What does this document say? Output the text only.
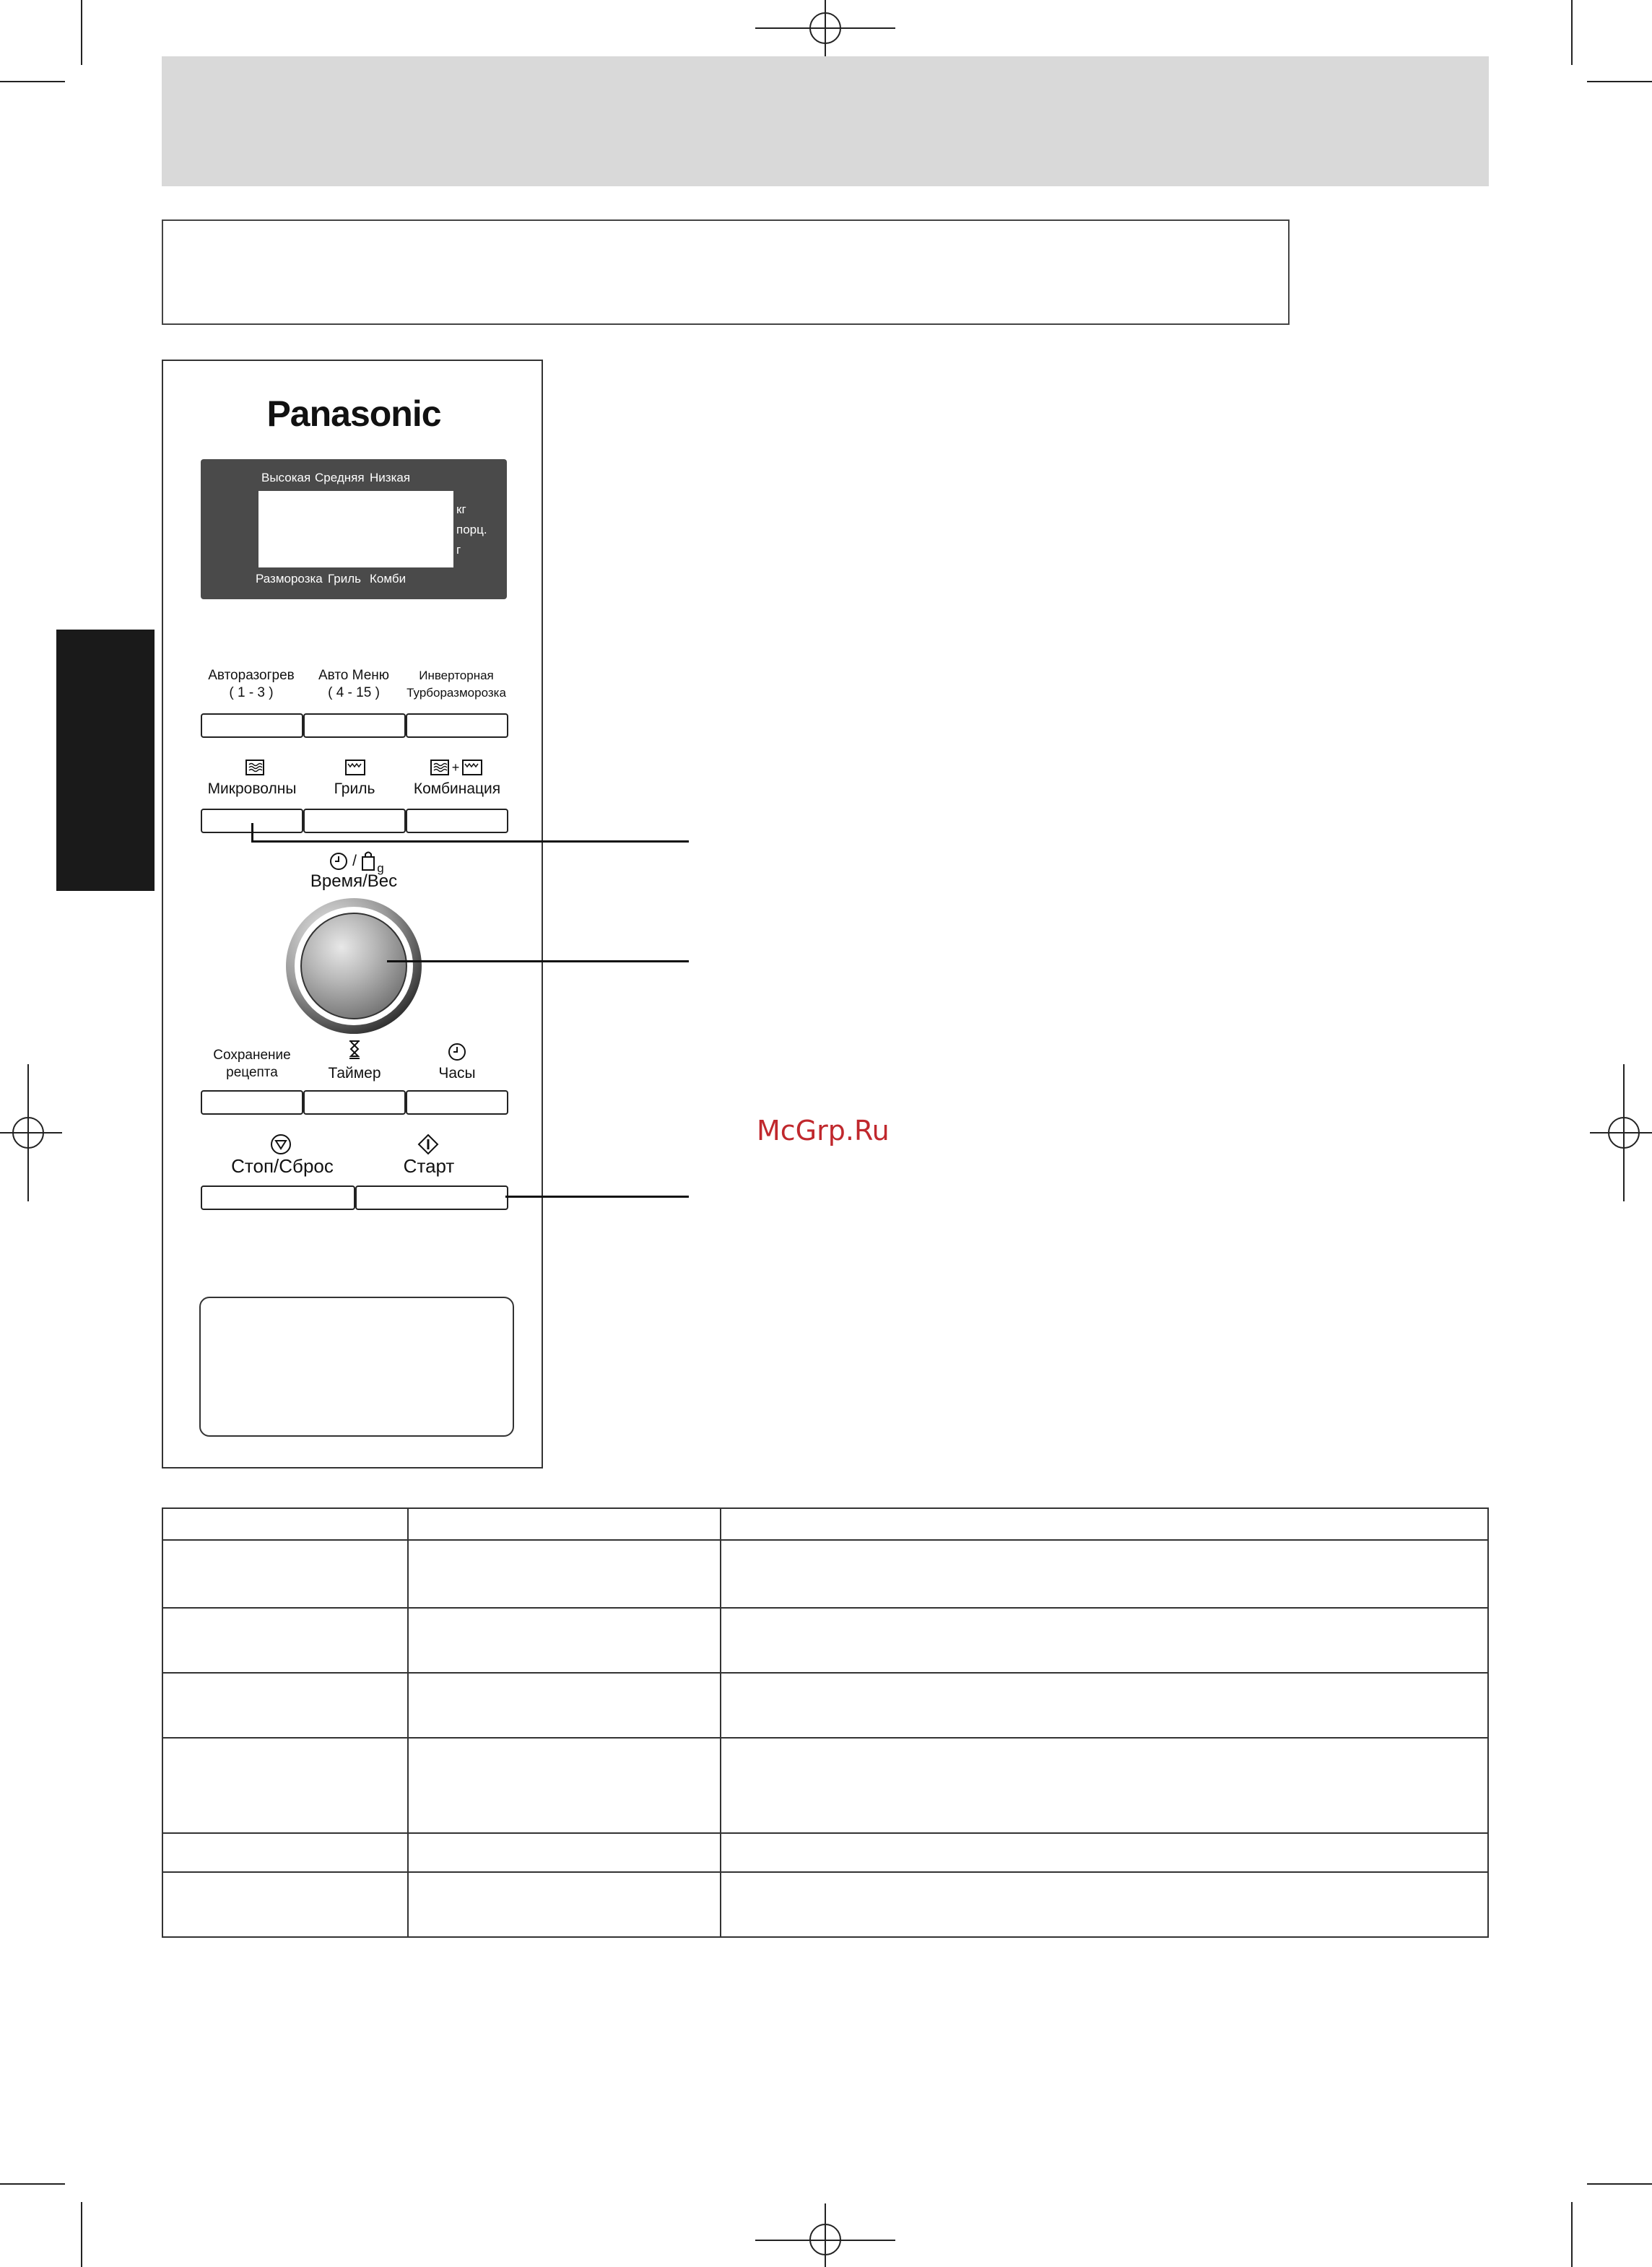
Panasonic
Высокая Средняя Низкая
кг
порц.
г
Разморозка Гриль Комби
Авторазогрев
( 1 - 3 )
Авто Меню
( 4 - 15 )
Инверторная
Турборазморозка
Микроволны	Гриль
+
Комбинация
/ g
Время/Вес
Сохранение
рецепта	Таймер	Часы
Стоп/Сброс	Старт
McGrp.Ru
